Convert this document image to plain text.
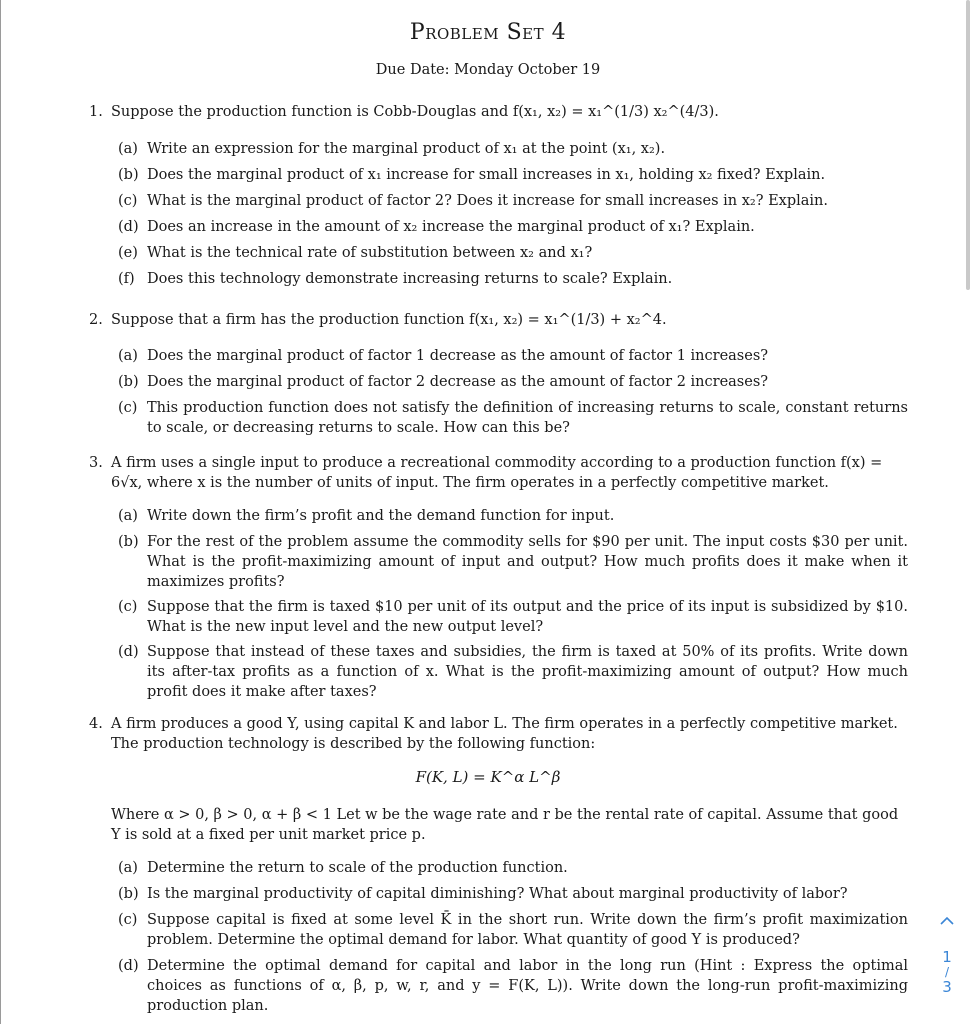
Problem Set 4
Due Date: Monday October 19
1. Suppose the production function is Cobb-Douglas and f(x₁, x₂) = x₁^(1/3) x₂^(4/3).
(a) Write an expression for the marginal product of x₁ at the point (x₁, x₂).
(b) Does the marginal product of x₁ increase for small increases in x₁, holding x₂ fixed? Explain.
(c) What is the marginal product of factor 2? Does it increase for small increases in x₂? Explain.
(d) Does an increase in the amount of x₂ increase the marginal product of x₁? Explain.
(e) What is the technical rate of substitution between x₂ and x₁?
(f) Does this technology demonstrate increasing returns to scale? Explain.
2. Suppose that a firm has the production function f(x₁, x₂) = x₁^(1/3) + x₂^4.
(a) Does the marginal product of factor 1 decrease as the amount of factor 1 increases?
(b) Does the marginal product of factor 2 decrease as the amount of factor 2 increases?
(c) This production function does not satisfy the definition of increasing returns to scale, constant returns to scale, or decreasing returns to scale. How can this be?
3. A firm uses a single input to produce a recreational commodity according to a production function f(x) = 6√x, where x is the number of units of input. The firm operates in a perfectly competitive market.
(a) Write down the firm’s profit and the demand function for input.
(b) For the rest of the problem assume the commodity sells for $90 per unit. The input costs $30 per unit. What is the profit-maximizing amount of input and output? How much profits does it make when it maximizes profits?
(c) Suppose that the firm is taxed $10 per unit of its output and the price of its input is subsidized by $10. What is the new input level and the new output level?
(d) Suppose that instead of these taxes and subsidies, the firm is taxed at 50% of its profits. Write down its after-tax profits as a function of x. What is the profit-maximizing amount of output? How much profit does it make after taxes?
4. A firm produces a good Y, using capital K and labor L. The firm operates in a perfectly competitive market. The production technology is described by the following function:
F(K, L) = K^α L^β
Where α > 0, β > 0, α + β < 1 Let w be the wage rate and r be the rental rate of capital. Assume that good Y is sold at a fixed per unit market price p.
(a) Determine the return to scale of the production function.
(b) Is the marginal productivity of capital diminishing? What about marginal productivity of labor?
(c) Suppose capital is fixed at some level K̄ in the short run. Write down the firm’s profit maximization problem. Determine the optimal demand for labor. What quantity of good Y is produced?
(d) Determine the optimal demand for capital and labor in the long run (Hint : Express the optimal choices as functions of α, β, p, w, r, and y = F(K, L)). Write down the long-run profit-maximizing production plan.
1
/
3
